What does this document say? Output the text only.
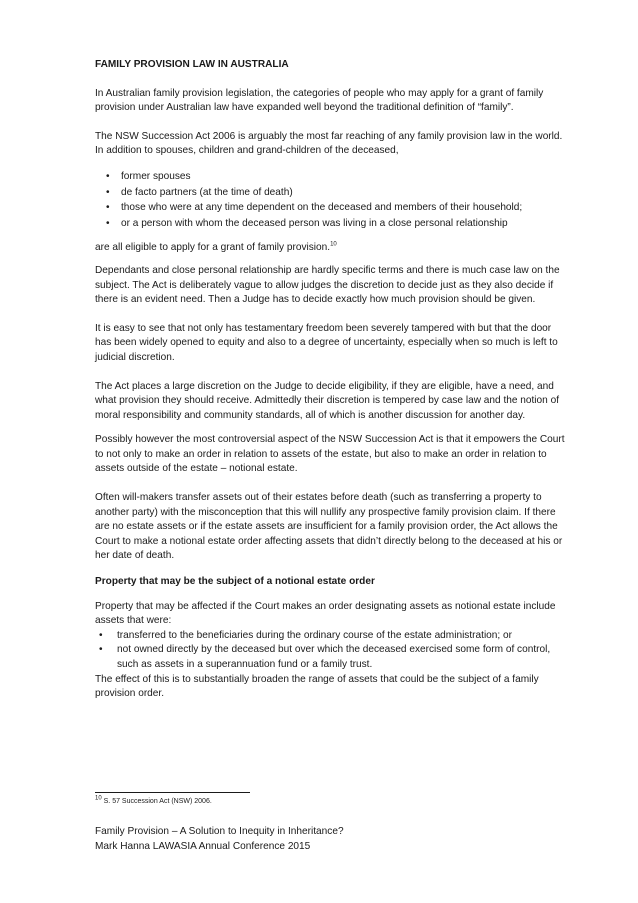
FAMILY PROVISION LAW IN AUSTRALIA

In Australian family provision legislation, the categories of people who may apply for a grant of family provision under Australian law have expanded well beyond the traditional definition of “family”.

The NSW Succession Act 2006 is arguably the most far reaching of any family provision law in the world. In addition to spouses, children and grand-children of the deceased,

• former spouses
• de facto partners (at the time of death)
• those who were at any time dependent on the deceased and members of their household;
• or a person with whom the deceased person was living in a close personal relationship

are all eligible to apply for a grant of family provision.$^{10}$

Dependants and close personal relationship are hardly specific terms and there is much case law on the subject. The Act is deliberately vague to allow judges the discretion to decide just as they also decide if there is an evident need. Then a Judge has to decide exactly how much provision should be given.

It is easy to see that not only has testamentary freedom been severely tampered with but that the door has been widely opened to equity and also to a degree of uncertainty, especially when so much is left to judicial discretion.

The Act places a large discretion on the Judge to decide eligibility, if they are eligible, have a need, and what provision they should receive. Admittedly their discretion is tempered by case law and the notion of moral responsibility and community standards, all of which is another discussion for another day.

Possibly however the most controversial aspect of the NSW Succession Act is that it empowers the Court to not only to make an order in relation to assets of the estate, but also to make an order in relation to assets outside of the estate – notional estate.

Often will-makers transfer assets out of their estates before death (such as transferring a property to another party) with the misconception that this will nullify any prospective family provision claim. If there are no estate assets or if the estate assets are insufficient for a family provision order, the Act allows the Court to make a notional estate order affecting assets that didn’t directly belong to the deceased at his or her date of death.

Property that may be the subject of a notional estate order

Property that may be affected if the Court makes an order designating assets as notional estate include assets that were:

• transferred to the beneficiaries during the ordinary course of the estate administration; or
• not owned directly by the deceased but over which the deceased exercised some form of control, such as assets in a superannuation fund or a family trust.

The effect of this is to substantially broaden the range of assets that could be the subject of a family provision order.

$^{10}$ S. 57 Succession Act (NSW) 2006.
Family Provision – A Solution to Inequity in Inheritance?
Mark Hanna LAWASIA Annual Conference 2015
